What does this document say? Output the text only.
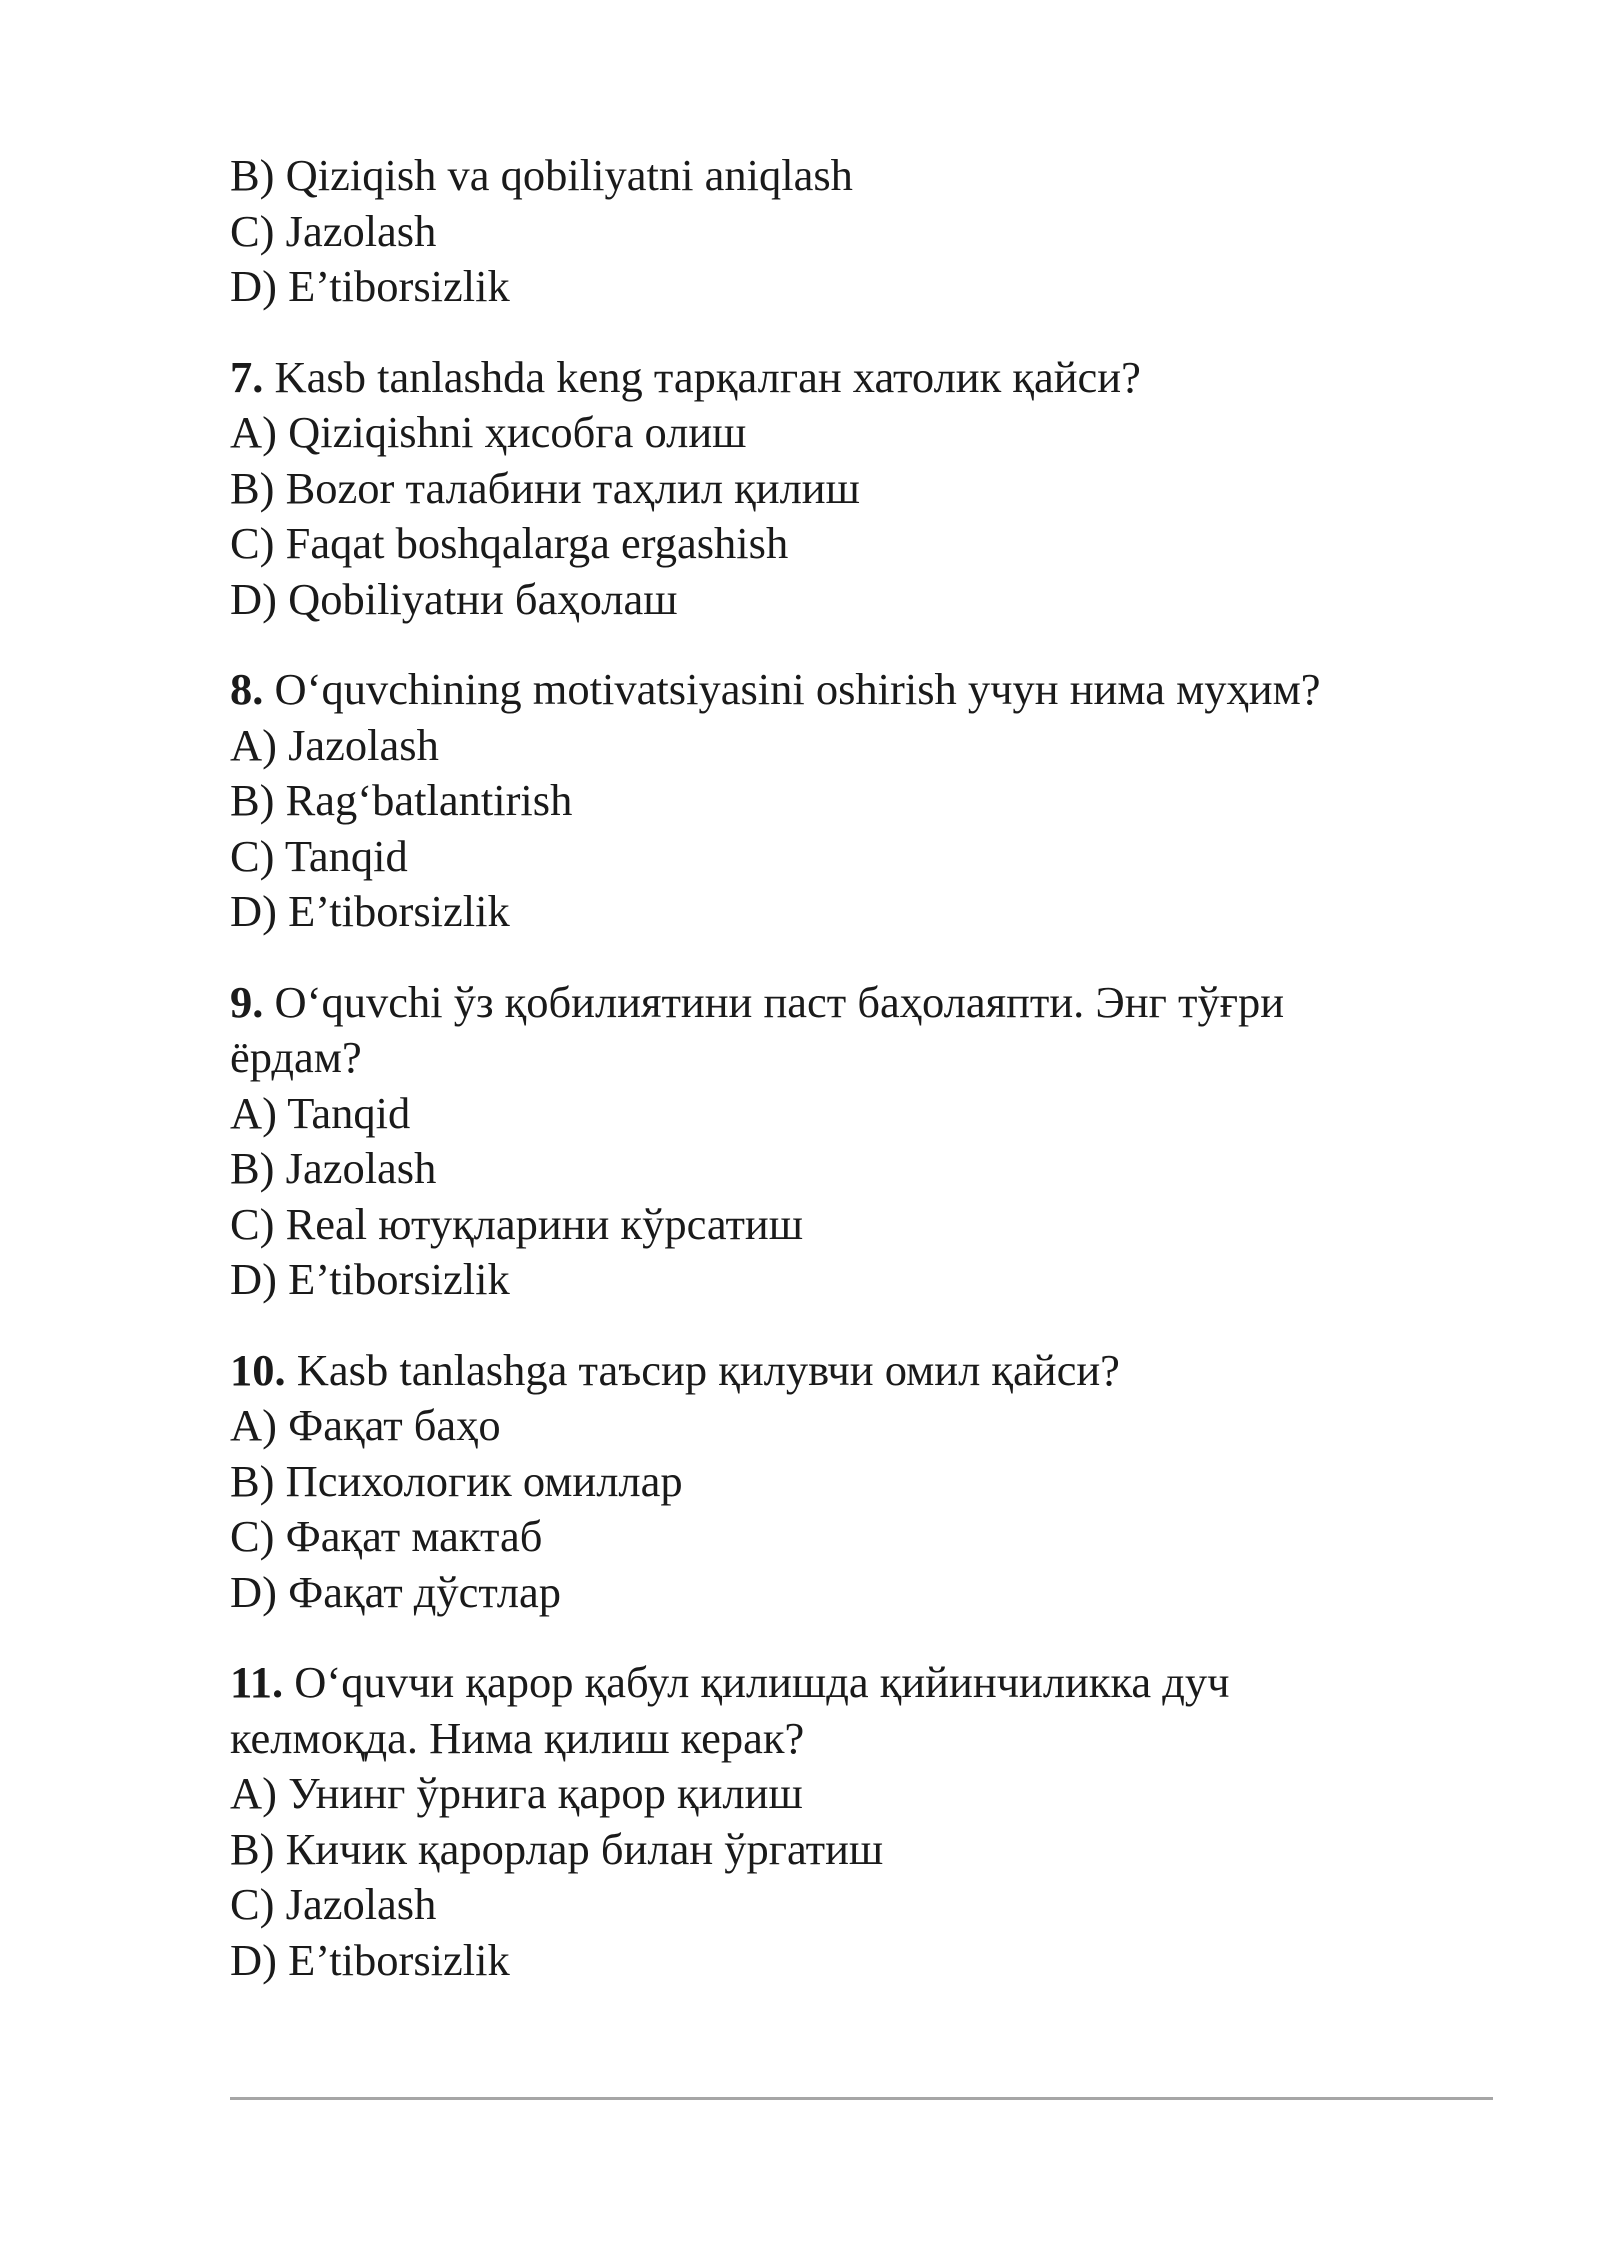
B) Qiziqish va qobiliyatni aniqlash

C) Jazolash

D) E’tiborsizlik

7. Kasb tanlashda keng тарқалган хатолик қайси?

A) Qiziqishni ҳисобга олиш

B) Bozor талабини таҳлил қилиш

C) Faqat boshqalarga ergashish

D) Qobiliyatни баҳолаш

8. O‘quvchining motivatsiyasini oshirish учун нима муҳим?

A) Jazolash

B) Rag‘batlantirish

C) Tanqid

D) E’tiborsizlik

9. O‘quvchi ўз қобилиятини паст баҳолаяпти. Энг тўғри ёрдам?

A) Tanqid

B) Jazolash

C) Real ютуқларини кўрсатиш

D) E’tiborsizlik

10. Kasb tanlashga таъсир қилувчи омил қайси?

A) Фақат баҳо

B) Психологик омиллар

C) Фақат мактаб

D) Фақат дўстлар

11. O‘quvчи қарор қабул қилишда қийинчиликка дуч келмоқда. Нима қилиш керак?

A) Унинг ўрнига қарор қилиш

B) Кичик қарорлар билан ўргатиш

C) Jazolash

D) E’tiborsizlik
